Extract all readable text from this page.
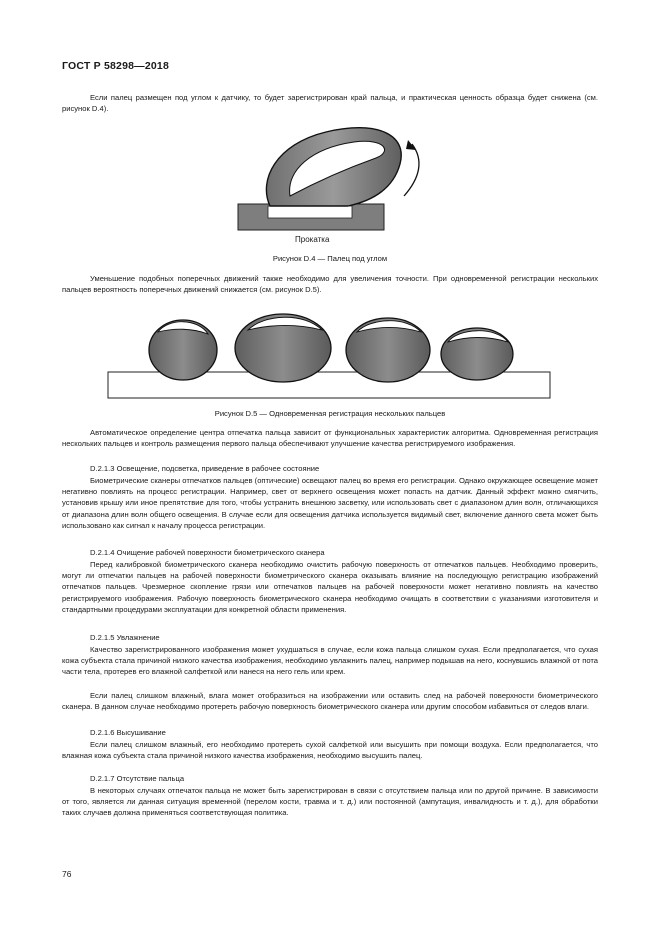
ГОСТ Р 58298—2018
Если палец размещен под углом к датчику, то будет зарегистрирован край пальца, и практическая ценность образца будет снижена (см. рисунок D.4).
Прокатка
Рисунок D.4 — Палец под углом
Уменьшение подобных поперечных движений также необходимо для увеличения точности. При одновременной регистрации нескольких пальцев вероятность поперечных движений снижается (см. рисунок D.5).
Рисунок D.5 — Одновременная регистрация нескольких пальцев
Автоматическое определение центра отпечатка пальца зависит от функциональных характеристик алгоритма. Одновременная регистрация нескольких пальцев и контроль размещения первого пальца обеспечивают улучшение качества регистрируемого изображения.
D.2.1.3 Освещение, подсветка, приведение в рабочее состояние
Биометрические сканеры отпечатков пальцев (оптические) освещают палец во время его регистрации. Однако окружающее освещение может негативно повлиять на процесс регистрации. Например, свет от верхнего освещения может попасть на датчик. Данный эффект можно смягчить, установив крышу или иное препятствие для того, чтобы устранить внешнюю засветку, или использовать свет с диапазоном длин волн, отличающихся от диапазона длин волн общего освещения. В случае если для освещения датчика используется видимый свет, включение данного света может быть использовано как сигнал к началу процесса регистрации.
D.2.1.4 Очищение рабочей поверхности биометрического сканера
Перед калибровкой биометрического сканера необходимо очистить рабочую поверхность от отпечатков пальцев. Необходимо проверить, могут ли отпечатки пальцев на рабочей поверхности биометрического сканера оказывать влияние на последующую регистрацию изображений отпечатков пальцев. Чрезмерное скопление грязи или отпечатков пальцев на рабочей поверхности может негативно повлиять на качество регистрируемого изображения. Рабочую поверхность биометрического сканера необходимо очищать в соответствии с указаниями изготовителя и стандартными процедурами эксплуатации для конкретной области применения.
D.2.1.5 Увлажнение
Качество зарегистрированного изображения может ухудшаться в случае, если кожа пальца слишком сухая. Если предполагается, что сухая кожа субъекта стала причиной низкого качества изображения, необходимо увлажнить палец, например подышав на него, коснувшись влажной от пота части тела, протерев его влажной салфеткой или нанеся на него гель или крем.
Если палец слишком влажный, влага может отобразиться на изображении или оставить след на рабочей поверхности биометрического сканера. В данном случае необходимо протереть рабочую поверхность биометрического сканера или другим способом избавиться от следов влаги.
D.2.1.6 Высушивание
Если палец слишком влажный, его необходимо протереть сухой салфеткой или высушить при помощи воздуха. Если предполагается, что влажная кожа субъекта стала причиной низкого качества изображения, необходимо высушить палец.
D.2.1.7 Отсутствие пальца
В некоторых случаях отпечаток пальца не может быть зарегистрирован в связи с отсутствием пальца или по другой причине. В зависимости от того, является ли данная ситуация временной (перелом кости, травма и т. д.) или постоянной (ампутация, инвалидность и т. д.), для обработки таких случаев должна применяться соответствующая политика.
76
